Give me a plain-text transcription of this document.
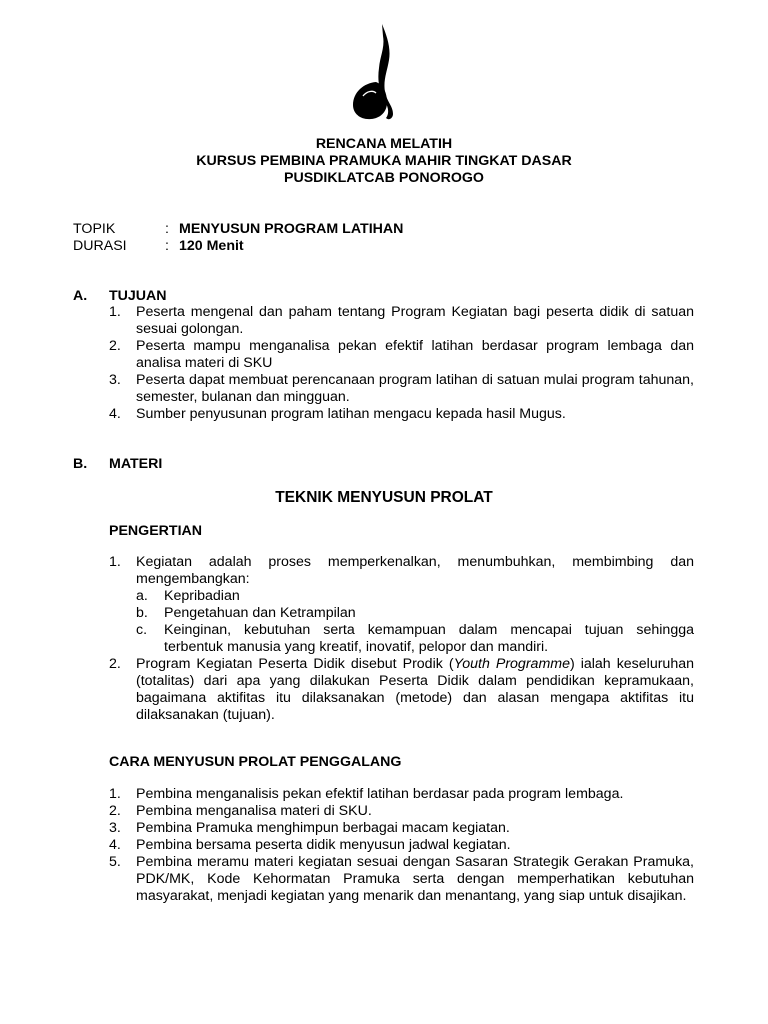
RENCANA MELATIH
KURSUS PEMBINA PRAMUKA MAHIR TINGKAT DASAR
PUSDIKLATCAB PONOROGO
TOPIK	: MENYUSUN PROGRAM LATIHAN
DURASI	: 120 Menit
A. TUJUAN
1. Peserta mengenal dan paham tentang Program Kegiatan bagi peserta didik di satuan sesuai golongan.
2. Peserta mampu menganalisa pekan efektif latihan berdasar program lembaga dan analisa materi di SKU
3. Peserta dapat membuat perencanaan program latihan di satuan mulai program tahunan, semester, bulanan dan mingguan.
4. Sumber penyusunan program latihan mengacu kepada hasil Mugus.
B. MATERI
TEKNIK MENYUSUN PROLAT
PENGERTIAN
1. Kegiatan adalah proses memperkenalkan, menumbuhkan, membimbing dan mengembangkan:
a. Kepribadian
b. Pengetahuan dan Ketrampilan
c. Keinginan, kebutuhan serta kemampuan dalam mencapai tujuan sehingga terbentuk manusia yang kreatif, inovatif, pelopor dan mandiri.
2. Program Kegiatan Peserta Didik disebut Prodik (Youth Programme) ialah keseluruhan (totalitas) dari apa yang dilakukan Peserta Didik dalam pendidikan kepramukaan, bagaimana aktifitas itu dilaksanakan (metode) dan alasan mengapa aktifitas itu dilaksanakan (tujuan).
CARA MENYUSUN PROLAT PENGGALANG
1. Pembina menganalisis pekan efektif latihan berdasar pada program lembaga.
2. Pembina menganalisa materi di SKU.
3. Pembina Pramuka menghimpun berbagai macam kegiatan.
4. Pembina bersama peserta didik menyusun jadwal kegiatan.
5. Pembina meramu materi kegiatan sesuai dengan Sasaran Strategik Gerakan Pramuka, PDK/MK, Kode Kehormatan Pramuka serta dengan memperhatikan kebutuhan masyarakat, menjadi kegiatan yang menarik dan menantang, yang siap untuk disajikan.
